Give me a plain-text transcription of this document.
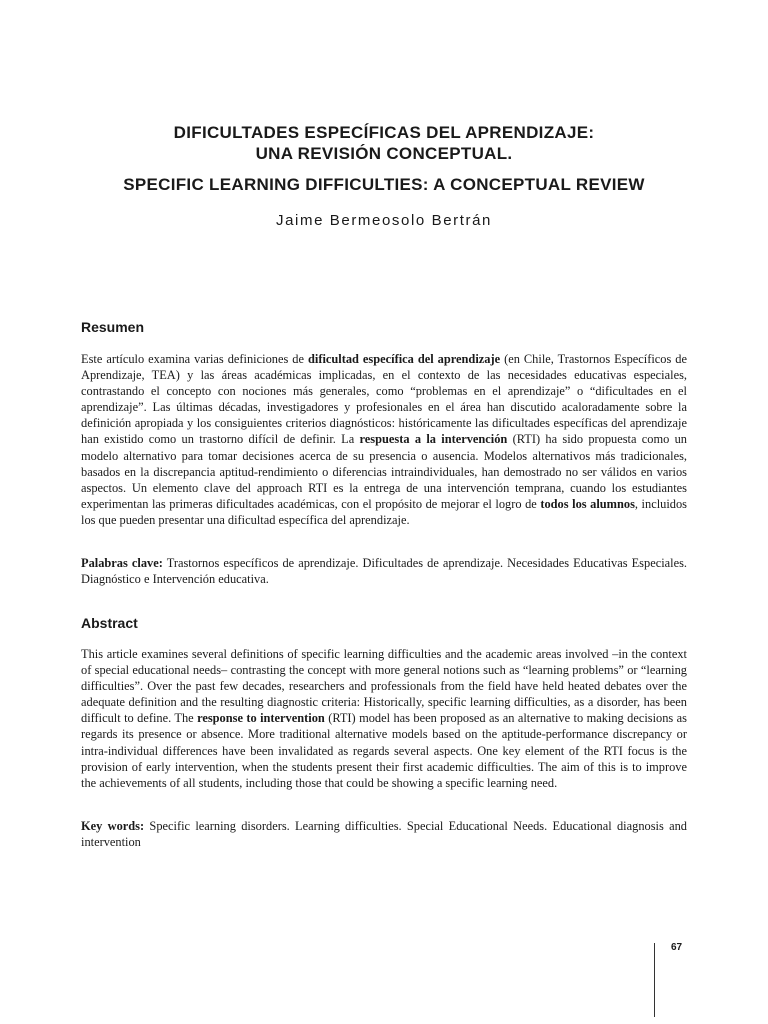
DIFICULTADES ESPECÍFICAS DEL APRENDIZAJE:

UNA REVISIÓN CONCEPTUAL.

SPECIFIC LEARNING DIFFICULTIES: A CONCEPTUAL REVIEW

Jaime Bermeosolo Bertrán

Resumen

Este artículo examina varias definiciones de dificultad específica del aprendizaje (en Chile, Trastornos Específicos de Aprendizaje, TEA) y las áreas académicas implicadas, en el contexto de las necesidades educativas especiales, contrastando el concepto con nociones más generales, como “problemas en el aprendizaje” o “dificultades en el aprendizaje”. Las últimas décadas, investigadores y profesionales en el área han discutido acaloradamente sobre la definición apropiada y los consiguientes criterios diagnósticos: históricamente las dificultades específicas del aprendizaje han existido como un trastorno difícil de definir. La respuesta a la intervención (RTI) ha sido propuesta como un modelo alternativo para tomar decisiones acerca de su presencia o ausencia. Modelos alternativos más tradicionales, basados en la discrepancia aptitud-rendimiento o diferencias intraindividuales, han demostrado no ser válidos en varios aspectos. Un elemento clave del approach RTI es la entrega de una intervención temprana, cuando los estudiantes experimentan las primeras dificultades académicas, con el propósito de mejorar el logro de todos los alumnos, incluidos los que pueden presentar una dificultad específica del aprendizaje.

Palabras clave: Trastornos específicos de aprendizaje. Dificultades de aprendizaje. Necesidades Educativas Especiales. Diagnóstico e Intervención educativa.

Abstract

This article examines several definitions of specific learning difficulties and the academic areas involved –in the context of special educational needs– contrasting the concept with more general notions such as “learning problems” or “learning difficulties”. Over the past few decades, researchers and professionals from the field have held heated debates over the adequate definition and the resulting diagnostic criteria: Historically, specific learning difficulties, as a disorder, has been difficult to define. The response to intervention (RTI) model has been proposed as an alternative to making decisions as regards its presence or absence. More traditional alternative models based on the aptitude-performance discrepancy or intra-individual differences have been invalidated as regards several aspects. One key element of the RTI focus is the provision of early intervention, when the students present their first academic difficulties. The aim of this is to improve the achievements of all students, including those that could be showing a specific learning need.

Key words: Specific learning disorders. Learning difficulties. Special Educational Needs. Educational diagnosis and intervention

67
